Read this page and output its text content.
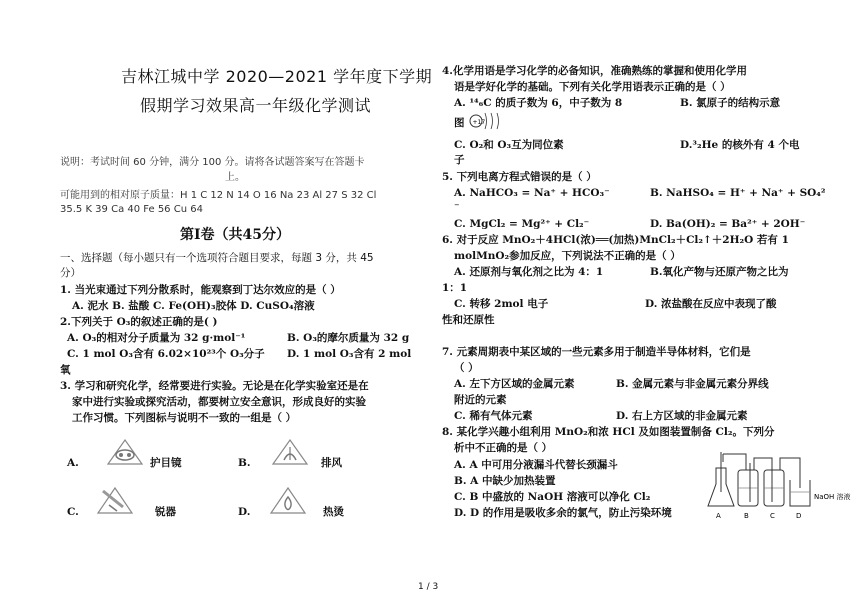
吉林江城中学 2020—2021 学年度下学期
假期学习效果高一年级化学测试
说明：考试时间 60 分钟，满分 100 分。请将各试题答案写在答题卡
上。
可能用到的相对原子质量：H 1 C 12 N 14 O 16 Na 23 Al 27 S 32 Cl
35.5 K 39 Ca 40 Fe 56 Cu 64
第Ⅰ卷（共45分）
一、选择题（每小题只有一个选项符合题目要求，每题 3 分，共 45
分）
1. 当光束通过下列分散系时，能观察到丁达尔效应的是（ ）
A. 泥水 B. 盐酸 C. Fe(OH)₃胶体 D. CuSO₄溶液
2.下列关于 O₃的叙述正确的是( )
A. O₃的相对分子质量为 32 g·mol⁻¹	B. O₃的摩尔质量为 32 g
C. 1 mol O₃含有 6.02×10²³个 O₃分子 D. 1 mol O₃含有 2 mol
氧
3. 学习和研究化学，经常要进行实验。无论是在化学实验室还是在
家中进行实验或探究活动，都要树立安全意识，形成良好的实验
工作习惯。下列图标与说明不一致的一组是（ ）
A.	护目镜	B.	排风
C.	锐器	D.	热烫
4.化学用语是学习化学的必备知识，准确熟练的掌握和使用化学用
语是学好化学的基础。下列有关化学用语表示正确的是（ ）
A. ¹⁴₆C 的质子数为 6，中子数为 8	B. 氯原子的结构示意
图 +17
C. O₂和 O₃互为同位素	D.³₂He 的核外有 4 个电
子
5. 下列电离方程式错误的是（ ）
A. NaHCO₃ = Na⁺ + HCO₃⁻	B. NaHSO₄ = H⁺ + Na⁺ + SO₄²
⁻
C. MgCl₂ = Mg²⁺ + Cl₂⁻	D. Ba(OH)₂ = Ba²⁺ + 2OH⁻
6. 对于反应 MnO₂＋4HCl(浓)══(加热)MnCl₂＋Cl₂↑＋2H₂O 若有 1
molMnO₂参加反应，下列说法不正确的是（ ）
A. 还原剂与氧化剂之比为 4：1	B.氧化产物与还原产物之比为
1：1
C. 转移 2mol 电子	D. 浓盐酸在反应中表现了酸
性和还原性
7. 元素周期表中某区域的一些元素多用于制造半导体材料，它们是
（ ）
A. 左下方区域的金属元素	B. 金属元素与非金属元素分界线
附近的元素
C. 稀有气体元素	D. 右上方区域的非金属元素
8. 某化学兴趣小组利用 MnO₂和浓 HCl 及如图装置制备 Cl₂。下列分
析中不正确的是（ ）
A. A 中可用分液漏斗代替长颈漏斗
B. A 中缺少加热装置
C. B 中盛放的 NaOH 溶液可以净化 Cl₂
D. D 的作用是吸收多余的氯气，防止污染环境	A	B	C	D
NaOH 溶液
1 / 3
